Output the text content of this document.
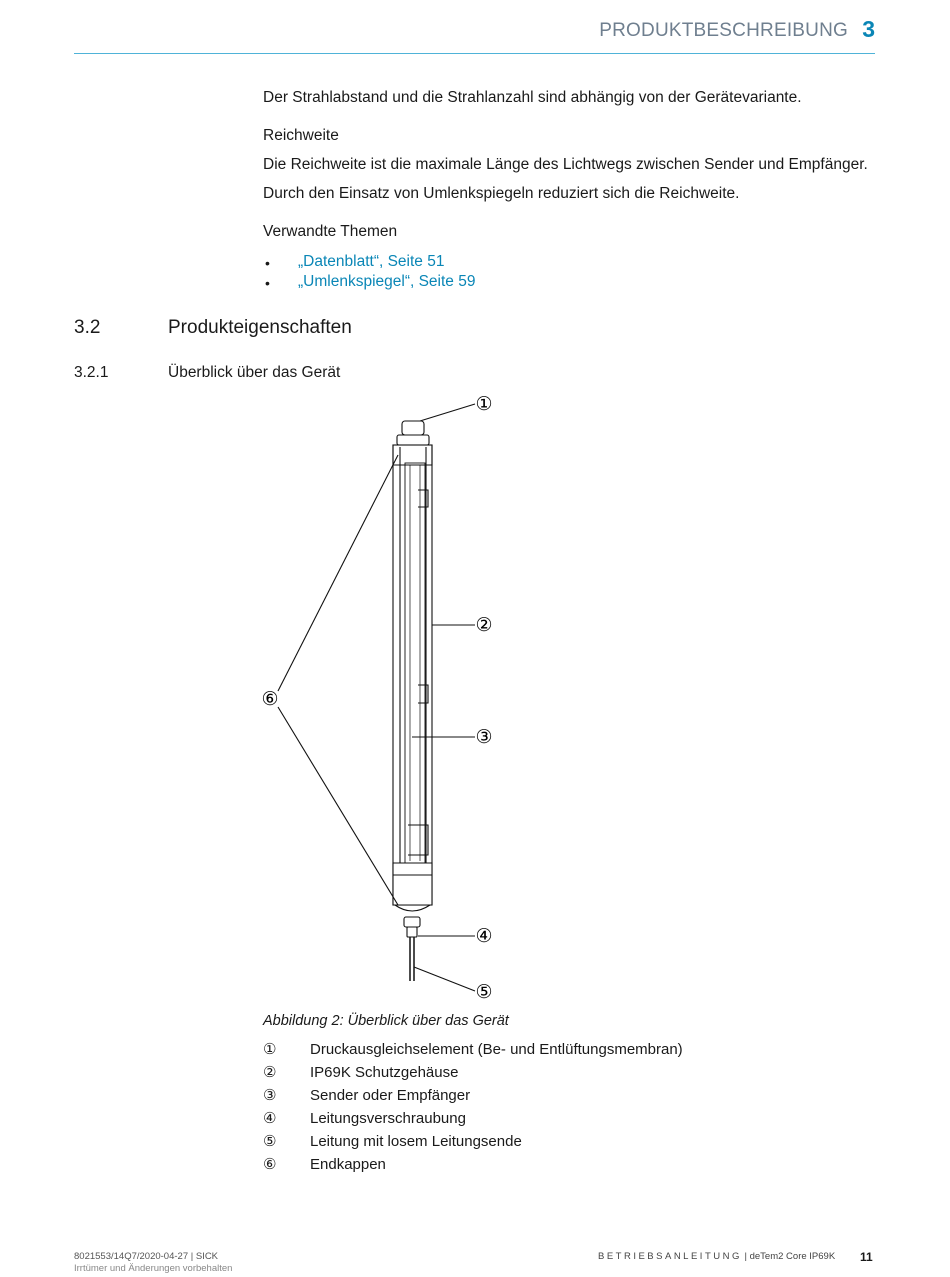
PRODUKTBESCHREIBUNG 3
Der Strahlabstand und die Strahlanzahl sind abhängig von der Gerätevariante.
Reichweite
Die Reichweite ist die maximale Länge des Lichtwegs zwischen Sender und Empfänger.
Durch den Einsatz von Umlenkspiegeln reduziert sich die Reichweite.
Verwandte Themen
• „Datenblatt“, Seite 51
• „Umlenkspiegel“, Seite 59
3.2	Produkteigenschaften
3.2.1	Überblick über das Gerät
①
②
③
④
⑤
⑥
Abbildung 2: Überblick über das Gerät
① Druckausgleichselement (Be- und Entlüftungsmembran)
② IP69K Schutzgehäuse
③ Sender oder Empfänger
④ Leitungsverschraubung
⑤ Leitung mit losem Leitungsende
⑥ Endkappen
8021553/14Q7/2020-04-27 | SICK
Irrtümer und Änderungen vorbehalten
BETRIEBSANLEITUNG | deTem2 Core IP69K 11
